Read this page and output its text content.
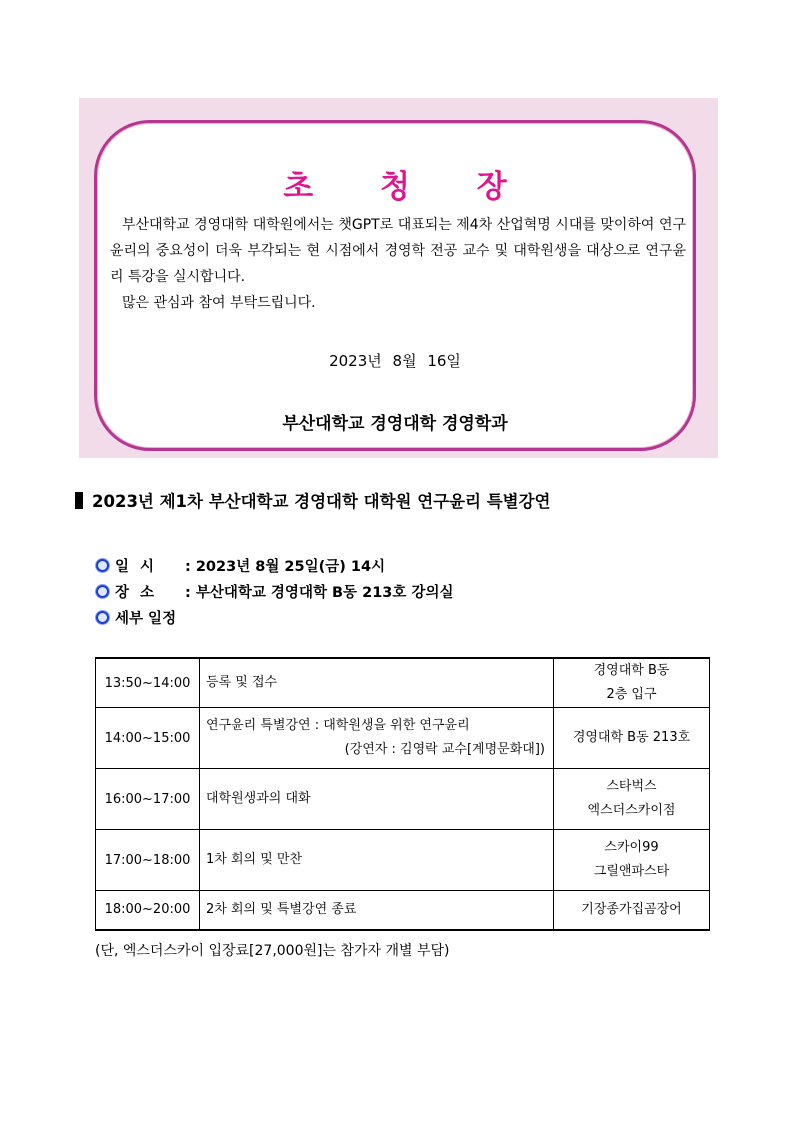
초 청 장

부산대학교 경영대학 대학원에서는 챗GPT로 대표되는 제4차 산업혁명 시대를 맞이하여 연구윤리의 중요성이 더욱 부각되는 현 시점에서 경영학 전공 교수 및 대학원생을 대상으로 연구윤리 특강을 실시합니다.

많은 관심과 참여 부탁드립니다.

2023년 8월 16일
부산대학교 경영대학 경영학과
2023년 제1차 부산대학교 경영대학 대학원 연구윤리 특별강연
일 시	: 2023년 8월 25일(금) 14시
장 소	: 부산대학교 경영대학 B동 213호 강의실
세부 일정
13:50~14:00	등록 및 접수	경영대학 B동
2층 입구

14:00~15:00	연구윤리 특별강연 : 대학원생을 위한 연구윤리
(강연자 : 김영락 교수[계명문화대])	경영대학 B동 213호

16:00~17:00	대학원생과의 대화	스타벅스
엑스더스카이점

17:00~18:00	1차 회의 및 만찬	스카이99
그릴앤파스타

18:00~20:00	2차 회의 및 특별강연 종료	기장종가집곰장어
(단, 엑스더스카이 입장료[27,000원]는 참가자 개별 부담)
